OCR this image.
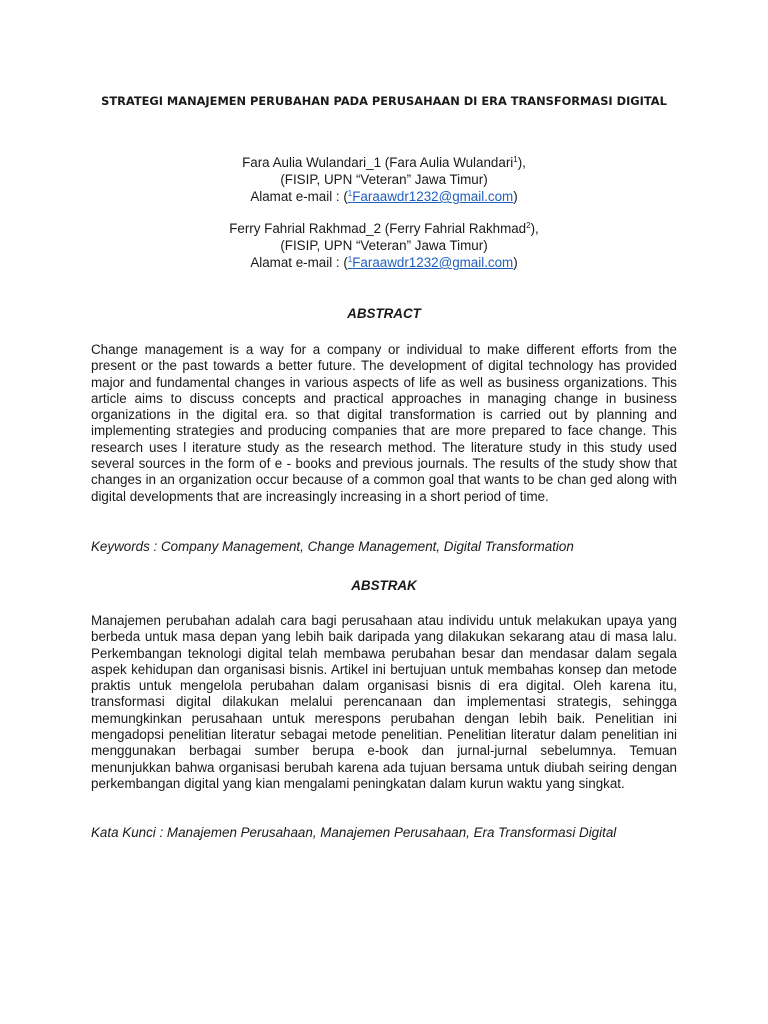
STRATEGI MANAJEMEN PERUBAHAN PADA PERUSAHAAN DI ERA TRANSFORMASI DIGITAL
Fara Aulia Wulandari_1 (Fara Aulia Wulandari$^1$),
(FISIP, UPN “Veteran” Jawa Timur)
Alamat e-mail : ($^1$Faraawdr1232@gmail.com)
Ferry Fahrial Rakhmad_2 (Ferry Fahrial Rakhmad$^2$),
(FISIP, UPN “Veteran” Jawa Timur)
Alamat e-mail : ($^1$Faraawdr1232@gmail.com)
ABSTRACT
Change management is a way for a company or individual to make different efforts from the present or the past towards a better future. The development of digital technology has provided major and fundamental changes in various aspects of life as well as business organizations. This article aims to discuss concepts and practical approaches in managing change in business organizations in the digital era. so that digital transformation is carried out by planning and implementing strategies and producing companies that are more prepared to face change. This research uses l iterature study as the research method. The literature study in this study used several sources in the form of e - books and previous journals. The results of the study show that changes in an organization occur because of a common goal that wants to be chan ged along with digital developments that are increasingly increasing in a short period of time.
Keywords : Company Management, Change Management, Digital Transformation
ABSTRAK
Manajemen perubahan adalah cara bagi perusahaan atau individu untuk melakukan upaya yang berbeda untuk masa depan yang lebih baik daripada yang dilakukan sekarang atau di masa lalu. Perkembangan teknologi digital telah membawa perubahan besar dan mendasar dalam segala aspek kehidupan dan organisasi bisnis. Artikel ini bertujuan untuk membahas konsep dan metode praktis untuk mengelola perubahan dalam organisasi bisnis di era digital. Oleh karena itu, transformasi digital dilakukan melalui perencanaan dan implementasi strategis, sehingga memungkinkan perusahaan untuk merespons perubahan dengan lebih baik. Penelitian ini mengadopsi penelitian literatur sebagai metode penelitian. Penelitian literatur dalam penelitian ini menggunakan berbagai sumber berupa e-book dan jurnal-jurnal sebelumnya. Temuan menunjukkan bahwa organisasi berubah karena ada tujuan bersama untuk diubah seiring dengan perkembangan digital yang kian mengalami peningkatan dalam kurun waktu yang singkat.
Kata Kunci : Manajemen Perusahaan, Manajemen Perusahaan, Era Transformasi Digital
